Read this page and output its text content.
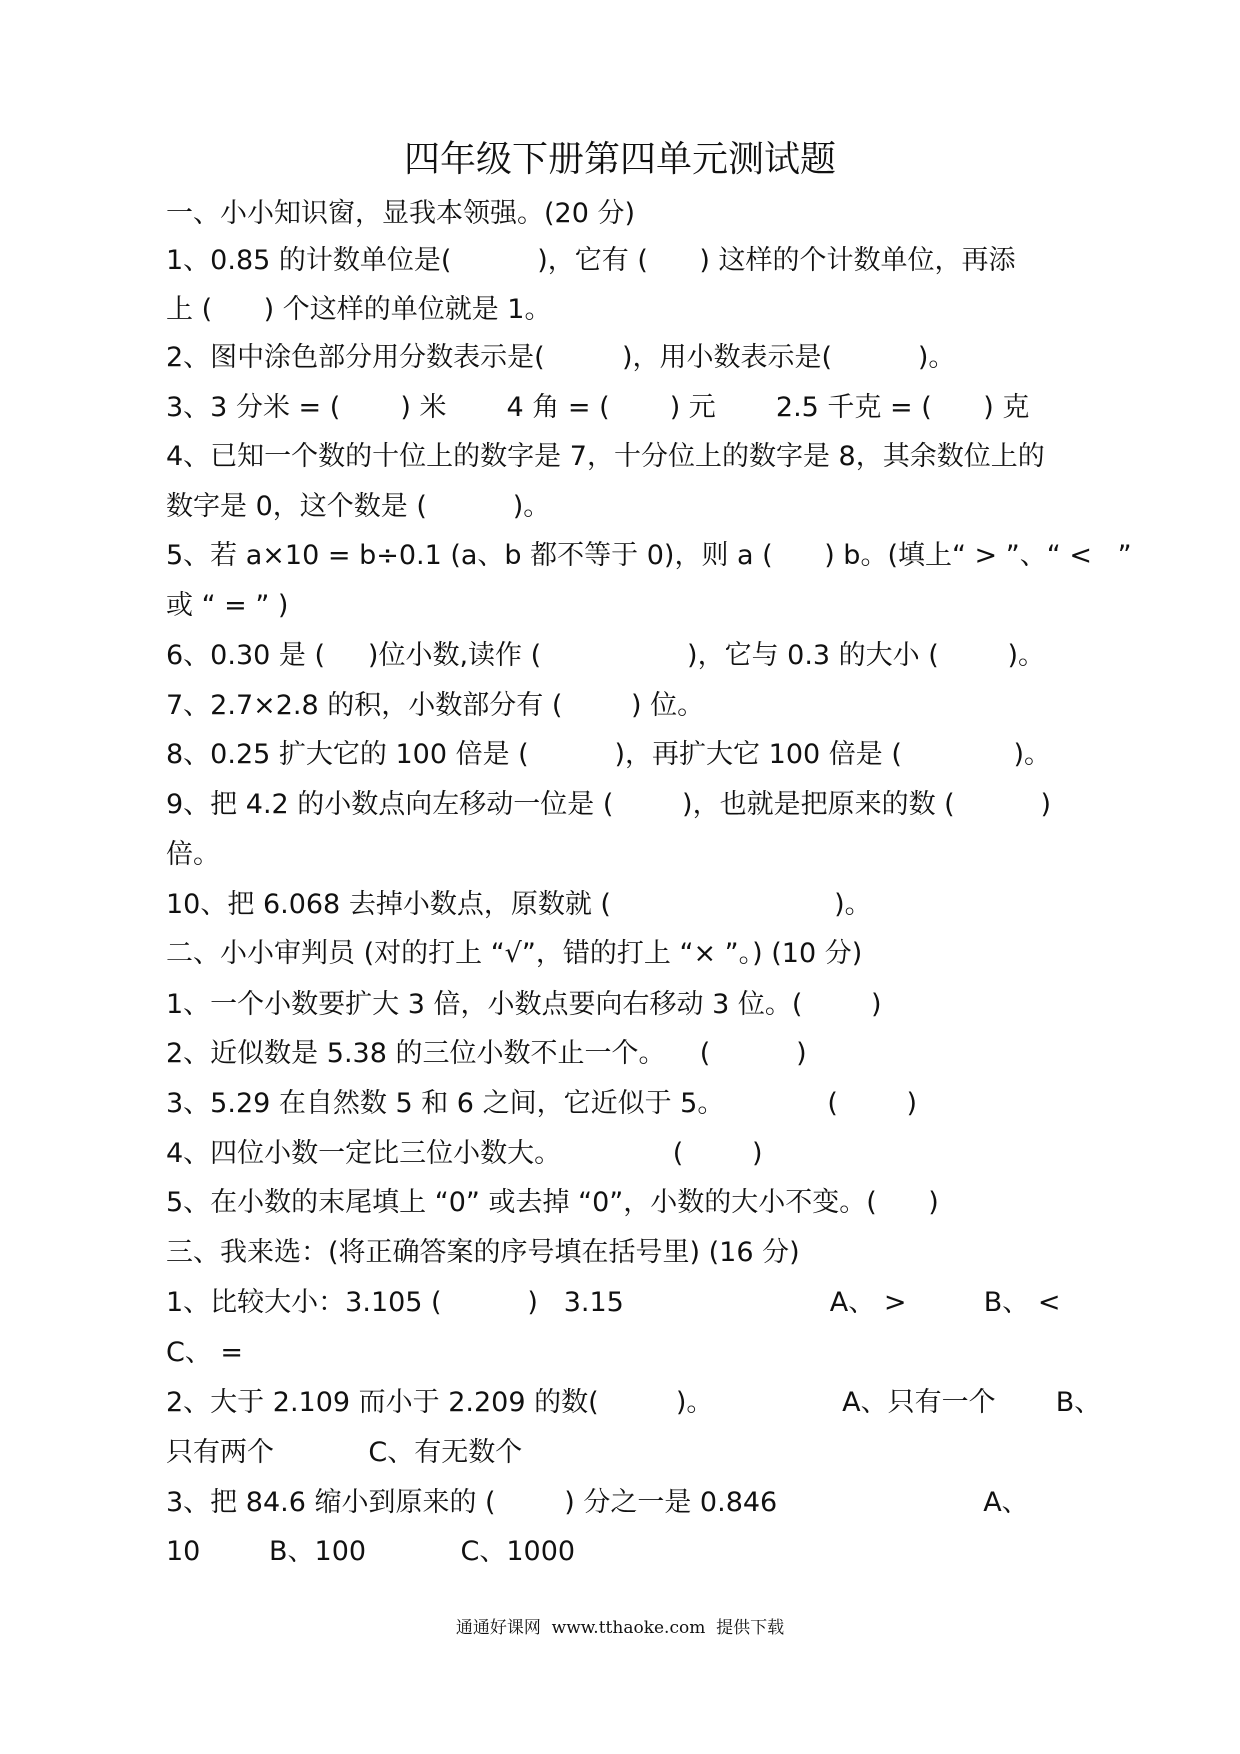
四年级下册第四单元测试题
一、小小知识窗，显我本领强。(20 分)
1、0.85 的计数单位是(          )，它有 (      ) 这样的个计数单位，再添
上 (      ) 个这样的单位就是 1。
2、图中涂色部分用分数表示是(         )，用小数表示是(          )。
3、3 分米 = (       ) 米       4 角 = (       ) 元       2.5 千克 = (      ) 克
4、已知一个数的十位上的数字是 7，十分位上的数字是 8，其余数位上的
数字是 0，这个数是 (          )。
5、若 a×10 = b÷0.1 (a、b 都不等于 0)，则 a (      ) b。(填上“ > ”、“ <   ”
或 “ = ” )
6、0.30 是 (     )位小数,读作 (                 )，它与 0.3 的大小 (        )。
7、2.7×2.8 的积，小数部分有 (        ) 位。
8、0.25 扩大它的 100 倍是 (          )，再扩大它 100 倍是 (             )。
9、把 4.2 的小数点向左移动一位是 (        )，也就是把原来的数 (          )
倍。
10、把 6.068 去掉小数点，原数就 (                          )。
二、小小审判员 (对的打上 “√”，错的打上 “× ”。) (10 分)
1、一个小数要扩大 3 倍，小数点要向右移动 3 位。(        )
2、近似数是 5.38 的三位小数不止一个。    (          )
3、5.29 在自然数 5 和 6 之间，它近似于 5。            (        )
4、四位小数一定比三位小数大。             (        )
5、在小数的末尾填上 “0” 或去掉 “0”，小数的大小不变。(      )
三、我来选：(将正确答案的序号填在括号里) (16 分)
1、比较大小：3.105 (          )   3.15                        A、 >         B、 <
C、 =
2、大于 2.109 而小于 2.209 的数(         )。               A、只有一个       B、
只有两个           C、有无数个
3、把 84.6 缩小到原来的 (        ) 分之一是 0.846                        A、
10        B、100           C、1000
通通好课网  www.tthaoke.com  提供下载
